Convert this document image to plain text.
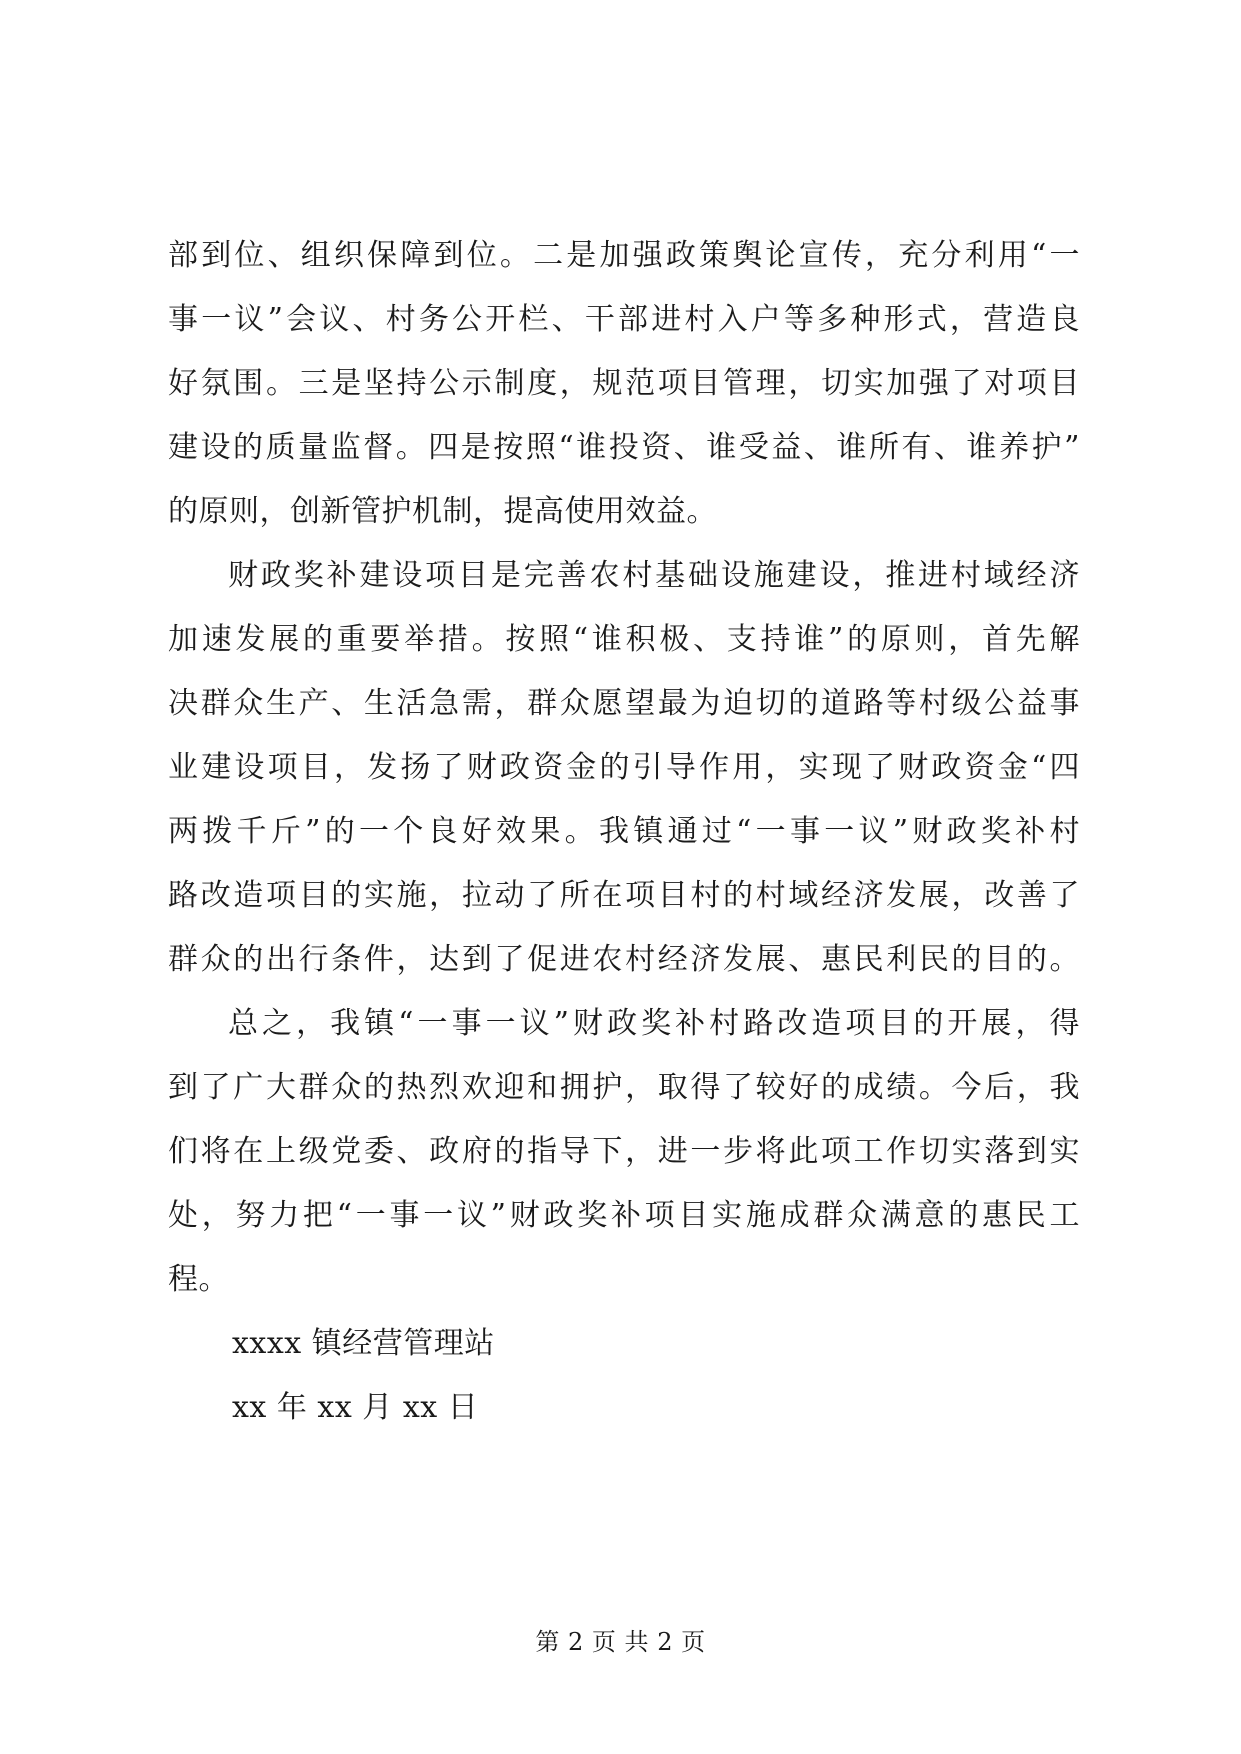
部到位、组织保障到位。二是加强政策舆论宣传，充分利用“一
事一议”会议、村务公开栏、干部进村入户等多种形式，营造良
好氛围。三是坚持公示制度，规范项目管理，切实加强了对项目
建设的质量监督。四是按照“谁投资、谁受益、谁所有、谁养护”
的原则，创新管护机制，提高使用效益。
财政奖补建设项目是完善农村基础设施建设，推进村域经济
加速发展的重要举措。按照“谁积极、支持谁”的原则，首先解
决群众生产、生活急需，群众愿望最为迫切的道路等村级公益事
业建设项目，发扬了财政资金的引导作用，实现了财政资金“四
两拨千斤”的一个良好效果。我镇通过“一事一议”财政奖补村
路改造项目的实施，拉动了所在项目村的村域经济发展，改善了
群众的出行条件，达到了促进农村经济发展、惠民利民的目的。
总之，我镇“一事一议”财政奖补村路改造项目的开展，得
到了广大群众的热烈欢迎和拥护，取得了较好的成绩。今后，我
们将在上级党委、政府的指导下，进一步将此项工作切实落到实
处，努力把“一事一议”财政奖补项目实施成群众满意的惠民工
程。
xxxx 镇经营管理站
xx 年 xx 月 xx 日
第 2 页 共 2 页
